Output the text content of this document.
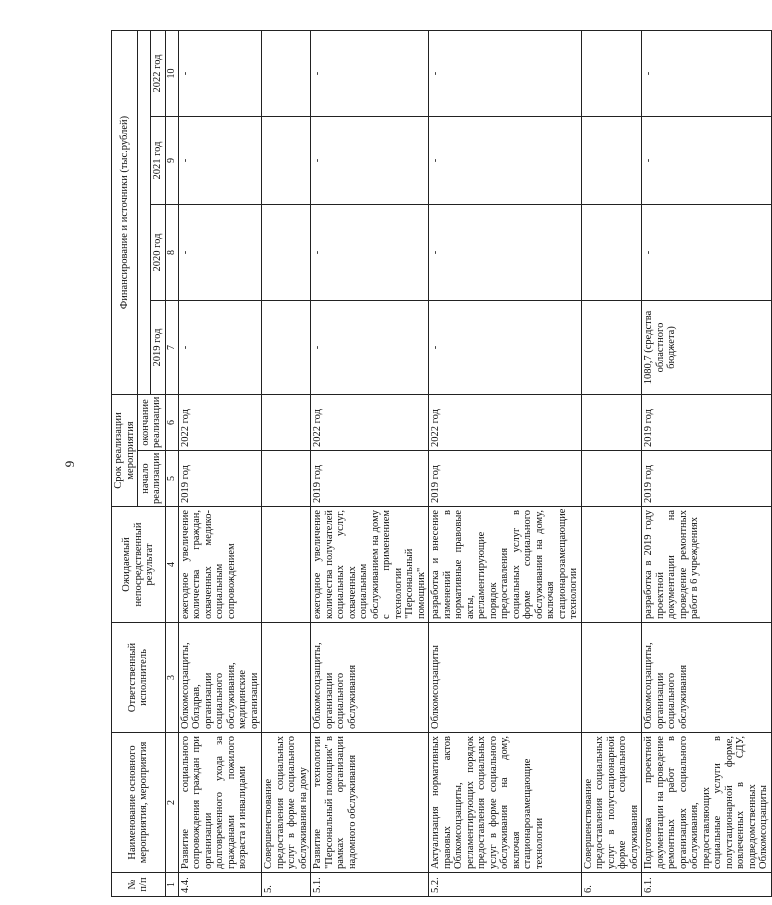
9
№ п/п	Наименование основного мероприятия, мероприятия	Ответственный исполнитель	Ожидаемый непосредственный результат	Срок реализации мероприятия		Финансирование и источники (тыс.рублей)			
				начало реализации	окончание реализации				
						2019 год	2020 год	2021 год	2022 год
1	2	3	4	5	6	7	8	9	10
4.4.	Развитие социального сопровождения граждан при организации долговременного ухода за гражданами пожилого возраста и инвалидами	Облкомсоцзащиты, Облздрав, организации социального обслуживания, медицинские организации	ежегодное увеличение количества граждан, охваченных медико-социальным сопровождением	2019 год	2022 год	-	-	-	-
5.	Совершенствование предоставления социальных услуг в форме социального обслуживания на дому								
5.1.	Развитие технологии "Персональный помощник" в рамках организации надомного обслуживания	Облкомсоцзащиты, организации социального обслуживания	ежегодное увеличение количества получателей социальных услуг, охваченных социальным обслуживанием на дому с применением технологии "Персональный помощник"	2019 год	2022 год	-	-	-	-
5.2.	Актуализация нормативных правовых актов Облкомсоцзащиты, регламентирующих порядок предоставления социальных услуг в форме социального обслуживания на дому, включая стационарозамещающие технологии	Облкомсоцзащиты	разработка и внесение изменений в нормативные правовые акты, регламентирующие порядок предоставления социальных услуг в форме социального обслуживания на дому, включая стационарозамещающие технологии	2019 год	2022 год	-	-	-	-
6.	Совершенствование предоставления социальных услуг в полустационарной форме социального обслуживания								
6.1.	Подготовка проектной документации на проведение ремонтных работ в организациях социального обслуживания, предоставляющих социальные услуги в полустационарной форме, вовлеченных в СДУ, подведомственных Облкомсоцзащиты	Облкомсоцзащиты, организации социального обслуживания	разработка в 2019 году проектной документации на проведение ремонтных работ в 6 учреждениях	2019 год	2019 год	1080,7 (средства областного бюджета)	-	-	-
